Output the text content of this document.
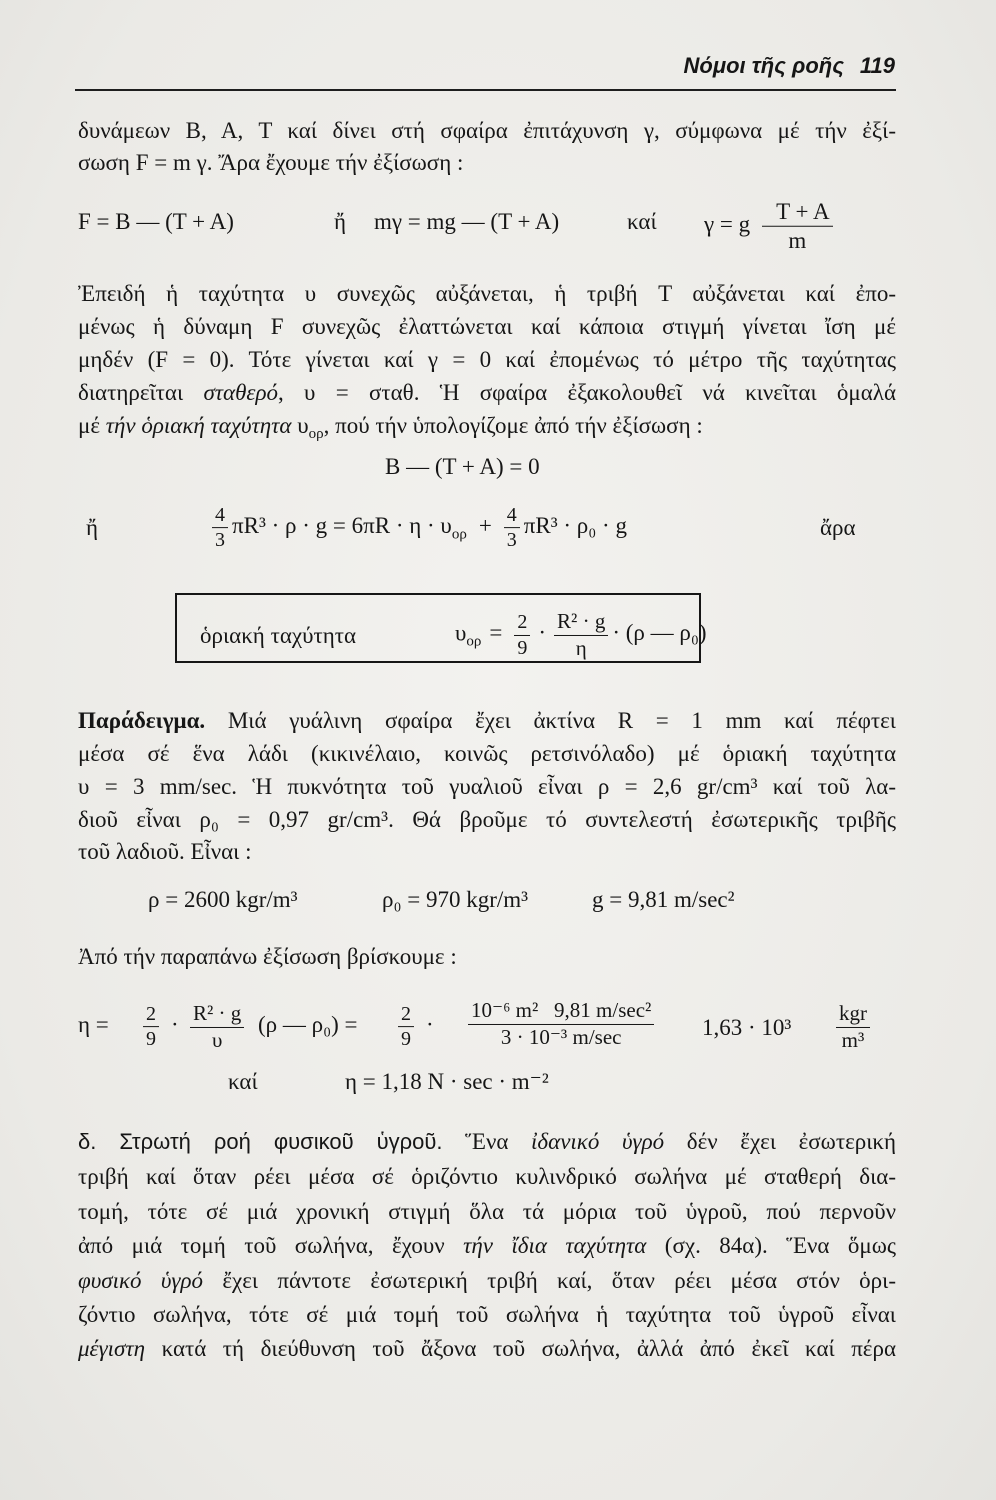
Νόμοι τῆς ροῆς 119
δυνάμεων B, A, T καί δίνει στή σφαίρα ἐπιτάχυνση γ, σύμφωνα μέ τήν ἐξί-
σωση F = m γ. Ἄρα ἔχουμε τήν ἐξίσωση :
F = B — (T + A)	ἤ mγ = mg — (T + A)	καί γ = g $\frac{T + A}{m}$
Ἐπειδή ἡ ταχύτητα υ συνεχῶς αὐξάνεται, ἡ τριβή T αὐξάνεται καί ἐπο-
μένως ἡ δύναμη F συνεχῶς ἐλαττώνεται καί κάποια στιγμή γίνεται ἴση μέ
μηδέν (F = 0). Τότε γίνεται καί γ = 0 καί ἐπομένως τό μέτρο τῆς ταχύτητας
διατηρεῖται σταθερό, υ = σταθ. Ἡ σφαίρα ἐξακολουθεῖ νά κινεῖται ὁμαλά
μέ τήν ὁριακή ταχύτητα $\upsilon_{o\rho}$, πού τήν ὑπολογίζομε ἀπό τήν ἐξίσωση :
B — (T + A) = 0
ἤ	$\frac{4}{3} \pi R^3 \cdot \rho \cdot g = 6\pi R \cdot \eta \cdot \upsilon_{o\rho} + \frac{4}{3} \pi R^3 \cdot \rho_0 \cdot g$	ἄρα
ὁριακή ταχύτητα	$\upsilon_{o\rho} = \frac{2}{9} \cdot \frac{\text{R² · g}}{\eta} \cdot (\rho$ — ρ₀)
Παράδειγμα. Μιά γυάλινη σφαίρα ἔχει ἀκτίνα R = 1 mm καί πέφτει
μέσα σέ ἕνα λάδι (κικινέλαιο, κοινῶς ρετσινόλαδο) μέ ὁριακή ταχύτητα
υ = 3 mm/sec. Ἡ πυκνότητα τοῦ γυαλιοῦ εἶναι ρ = 2,6 gr/cm³ καί τοῦ λα-
διοῦ εἶναι ρ₀ = 0,97 gr/cm³. Θά βροῦμε τό συντελεστή ἐσωτερικῆς τριβῆς
τοῦ λαδιοῦ. Εἶναι :
ρ = 2600 kgr/m³	ρ₀ = 970 kgr/m³	g = 9,81 m/sec²
Ἀπό τήν παραπάνω ἐξίσωση βρίσκουμε :
$\eta = \frac{2}{9} \cdot \frac{\text{R² · g}}{\upsilon} (\rho$ — $\rho_0) = \frac{2}{9} \cdot \frac{\text{10⁻⁶ m²   9,81 m/sec²}}{\text{3 · 10⁻³ m/sec}} 1,63 \cdot 10^3 \frac{\text{kgr}}{\text{m³}}$
καί	η = 1,18 N · sec · m⁻²
δ. Στρωτή ροή φυσικοῦ ὑγροῦ. Ἕνα ἰδανικό ὑγρό δέν ἔχει ἐσωτερική
τριβή καί ὅταν ρέει μέσα σέ ὁριζόντιο κυλινδρικό σωλήνα μέ σταθερή δια-
τομή, τότε σέ μιά χρονική στιγμή ὅλα τά μόρια τοῦ ὑγροῦ, πού περνοῦν
ἀπό μιά τομή τοῦ σωλήνα, ἔχουν τήν ἴδια ταχύτητα (σχ. 84α). Ἕνα ὅμως
φυσικό ὑγρό ἔχει πάντοτε ἐσωτερική τριβή καί, ὅταν ρέει μέσα στόν ὁρι-
ζόντιο σωλήνα, τότε σέ μιά τομή τοῦ σωλήνα ἡ ταχύτητα τοῦ ὑγροῦ εἶναι
μέγιστη κατά τή διεύθυνση τοῦ ἄξονα τοῦ σωλήνα, ἀλλά ἀπό ἐκεῖ καί πέρα
